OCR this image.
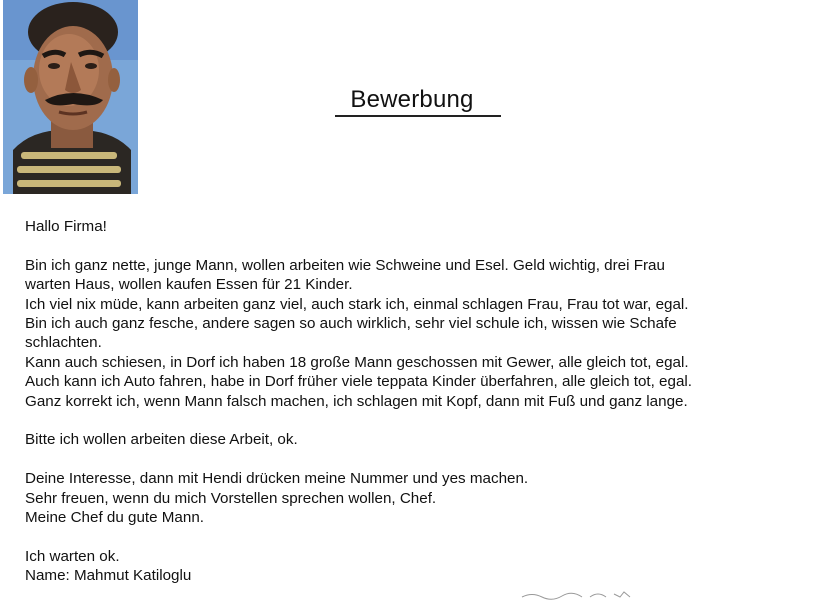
Bewerbung
Hallo Firma!
Bin ich ganz nette, junge Mann, wollen arbeiten wie Schweine und Esel. Geld wichtig, drei Frau
warten Haus, wollen kaufen Essen für 21 Kinder.
Ich viel nix müde, kann arbeiten ganz viel, auch stark ich, einmal schlagen Frau, Frau tot war, egal.
Bin ich auch ganz fesche, andere sagen so auch wirklich, sehr viel schule ich, wissen wie Schafe
schlachten.
Kann auch schiesen, in Dorf ich haben 18 große Mann geschossen mit Gewer, alle gleich tot, egal.
Auch kann ich Auto fahren, habe in Dorf früher viele teppata Kinder überfahren, alle gleich tot, egal.
Ganz korrekt ich, wenn Mann falsch machen, ich schlagen mit Kopf, dann mit Fuß und ganz lange.
Bitte ich wollen arbeiten diese Arbeit, ok.
Deine Interesse, dann mit Hendi drücken meine Nummer und yes machen.
Sehr freuen, wenn du mich Vorstellen sprechen wollen, Chef.
Meine Chef du gute Mann.
Ich warten ok.
Name: Mahmut Katiloglu
